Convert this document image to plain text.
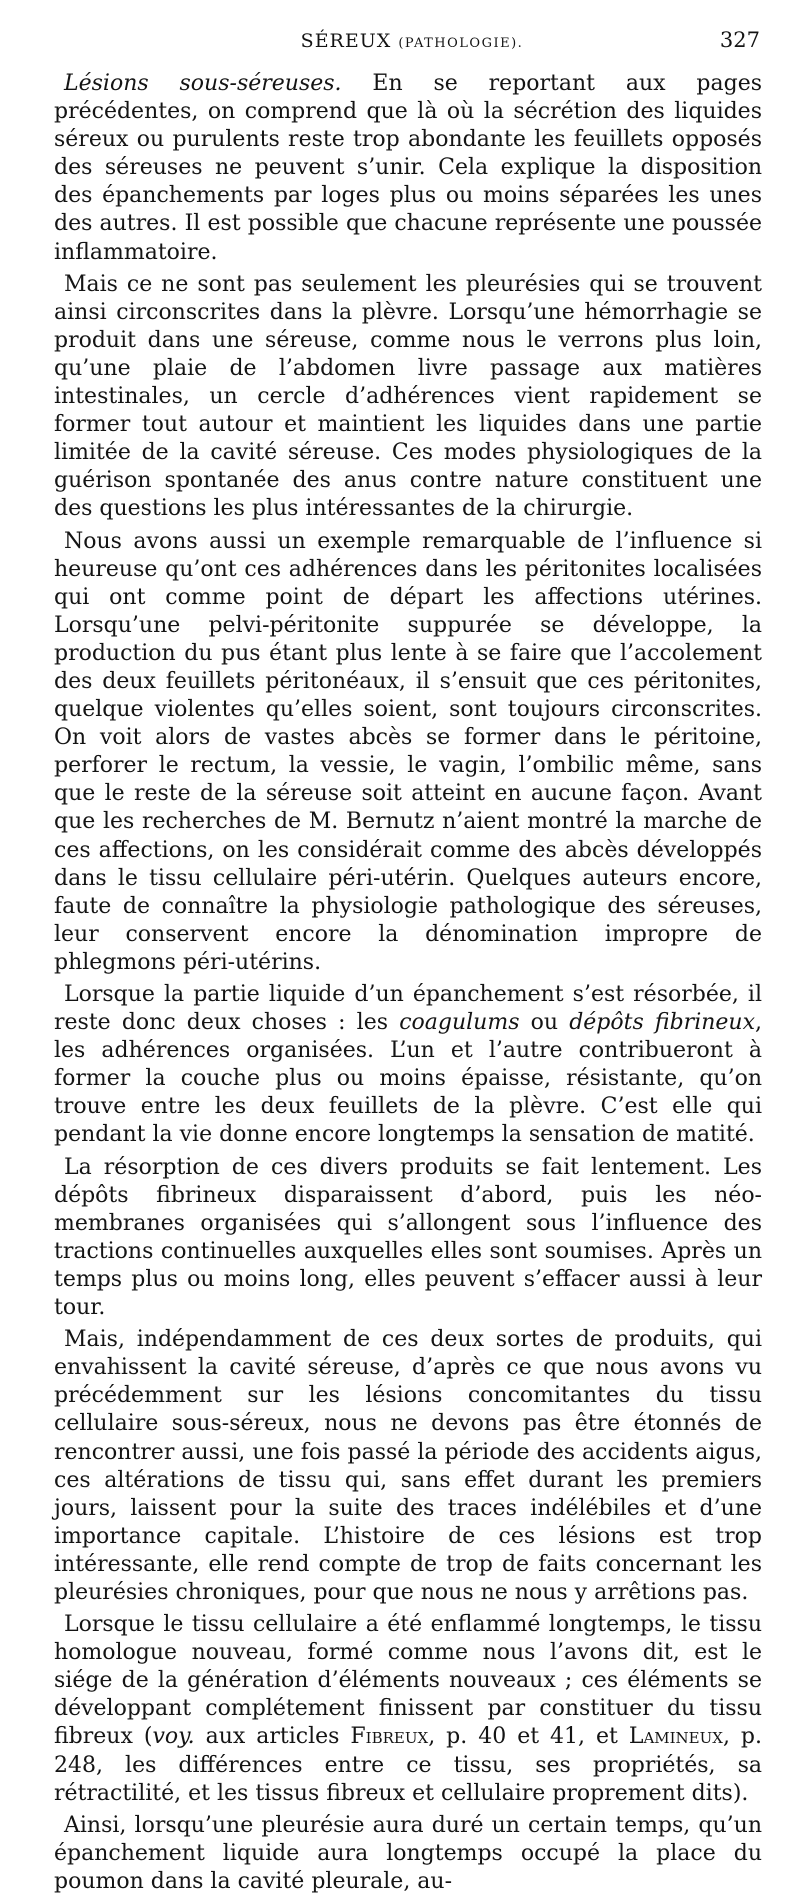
SÉREUX (PATHOLOGIE).	327

Lésions sous-séreuses. En se reportant aux pages précédentes, on comprend que là où la sécrétion des liquides séreux ou purulents reste trop abondante les feuillets opposés des séreuses ne peuvent s’unir. Cela explique la disposition des épanchements par loges plus ou moins séparées les unes des autres. Il est possible que chacune représente une poussée inflammatoire.

Mais ce ne sont pas seulement les pleurésies qui se trouvent ainsi circonscrites dans la plèvre. Lorsqu’une hémorrhagie se produit dans une séreuse, comme nous le verrons plus loin, qu’une plaie de l’abdomen livre passage aux matières intestinales, un cercle d’adhérences vient rapidement se former tout autour et maintient les liquides dans une partie limitée de la cavité séreuse. Ces modes physiologiques de la guérison spontanée des anus contre nature constituent une des questions les plus intéressantes de la chirurgie.

Nous avons aussi un exemple remarquable de l’influence si heureuse qu’ont ces adhérences dans les péritonites localisées qui ont comme point de départ les affections utérines. Lorsqu’une pelvi-péritonite suppurée se développe, la production du pus étant plus lente à se faire que l’accolement des deux feuillets péritonéaux, il s’ensuit que ces péritonites, quelque violentes qu’elles soient, sont toujours circonscrites. On voit alors de vastes abcès se former dans le péritoine, perforer le rectum, la vessie, le vagin, l’ombilic même, sans que le reste de la séreuse soit atteint en aucune façon. Avant que les recherches de M. Bernutz n’aient montré la marche de ces affections, on les considérait comme des abcès développés dans le tissu cellulaire péri-utérin. Quelques auteurs encore, faute de connaître la physiologie pathologique des séreuses, leur conservent encore la dénomination impropre de phlegmons péri-utérins.

Lorsque la partie liquide d’un épanchement s’est résorbée, il reste donc deux choses : les coagulums ou dépôts fibrineux, les adhérences organisées. L’un et l’autre contribueront à former la couche plus ou moins épaisse, résistante, qu’on trouve entre les deux feuillets de la plèvre. C’est elle qui pendant la vie donne encore longtemps la sensation de matité.

La résorption de ces divers produits se fait lentement. Les dépôts fibrineux disparaissent d’abord, puis les néo-membranes organisées qui s’allongent sous l’influence des tractions continuelles auxquelles elles sont soumises. Après un temps plus ou moins long, elles peuvent s’effacer aussi à leur tour.

Mais, indépendamment de ces deux sortes de produits, qui envahissent la cavité séreuse, d’après ce que nous avons vu précédemment sur les lésions concomitantes du tissu cellulaire sous-séreux, nous ne devons pas être étonnés de rencontrer aussi, une fois passé la période des accidents aigus, ces altérations de tissu qui, sans effet durant les premiers jours, laissent pour la suite des traces indélébiles et d’une importance capitale. L’histoire de ces lésions est trop intéressante, elle rend compte de trop de faits concernant les pleurésies chroniques, pour que nous ne nous y arrêtions pas.

Lorsque le tissu cellulaire a été enflammé longtemps, le tissu homologue nouveau, formé comme nous l’avons dit, est le siége de la génération d’éléments nouveaux ; ces éléments se développant complétement finissent par constituer du tissu fibreux (voy. aux articles Fibreux, p. 40 et 41, et Lamineux, p. 248, les différences entre ce tissu, ses propriétés, sa rétractilité, et les tissus fibreux et cellulaire proprement dits).

Ainsi, lorsqu’une pleurésie aura duré un certain temps, qu’un épanchement liquide aura longtemps occupé la place du poumon dans la cavité pleurale, au-
